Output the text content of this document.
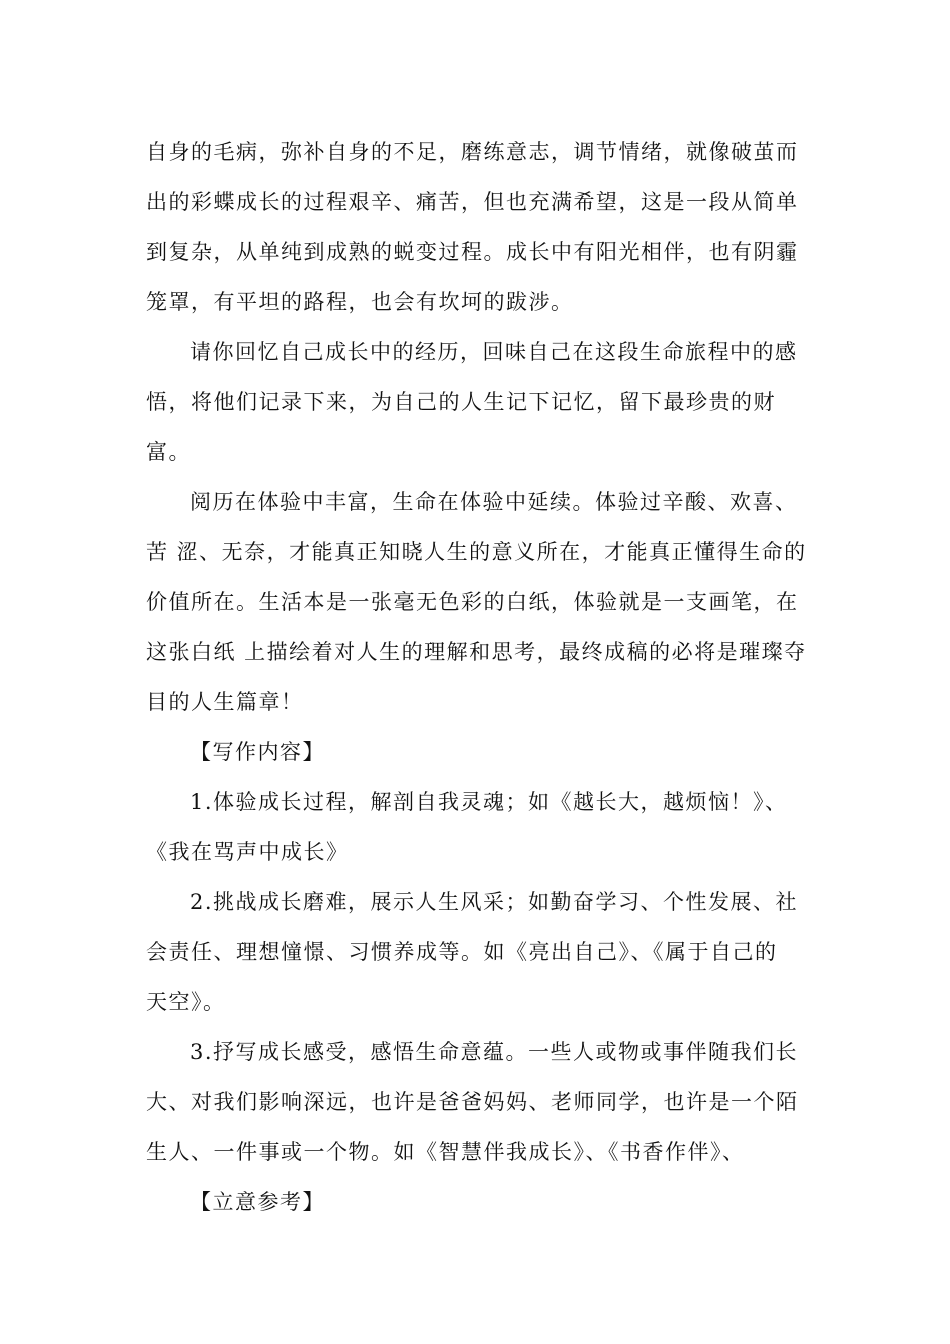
自身的毛病，弥补自身的不足，磨练意志，调节情绪，就像破茧而
出的彩蝶成长的过程艰辛、痛苦，但也充满希望，这是一段从简单
到复杂，从单纯到成熟的蜕变过程。成长中有阳光相伴，也有阴霾
笼罩，有平坦的路程，也会有坎坷的跋涉。
请你回忆自己成长中的经历，回味自己在这段生命旅程中的感
悟，将他们记录下来，为自己的人生记下记忆，留下最珍贵的财
富。
阅历在体验中丰富，生命在体验中延续。体验过辛酸、欢喜、
苦 涩、无奈，才能真正知晓人生的意义所在，才能真正懂得生命的
价值所在。生活本是一张毫无色彩的白纸，体验就是一支画笔，在
这张白纸 上描绘着对人生的理解和思考，最终成稿的必将是璀璨夺
目的人生篇章！
【写作内容】
1.体验成长过程，解剖自我灵魂；如《越长大，越烦恼！》、
《我在骂声中成长》
2.挑战成长磨难，展示人生风采；如勤奋学习、个性发展、社
会责任、理想憧憬、习惯养成等。如《亮出自己》、《属于自己的
天空》。
3.抒写成长感受，感悟生命意蕴。一些人或物或事伴随我们长
大、对我们影响深远，也许是爸爸妈妈、老师同学，也许是一个陌
生人、一件事或一个物。如《智慧伴我成长》、《书香作伴》、
【立意参考】
